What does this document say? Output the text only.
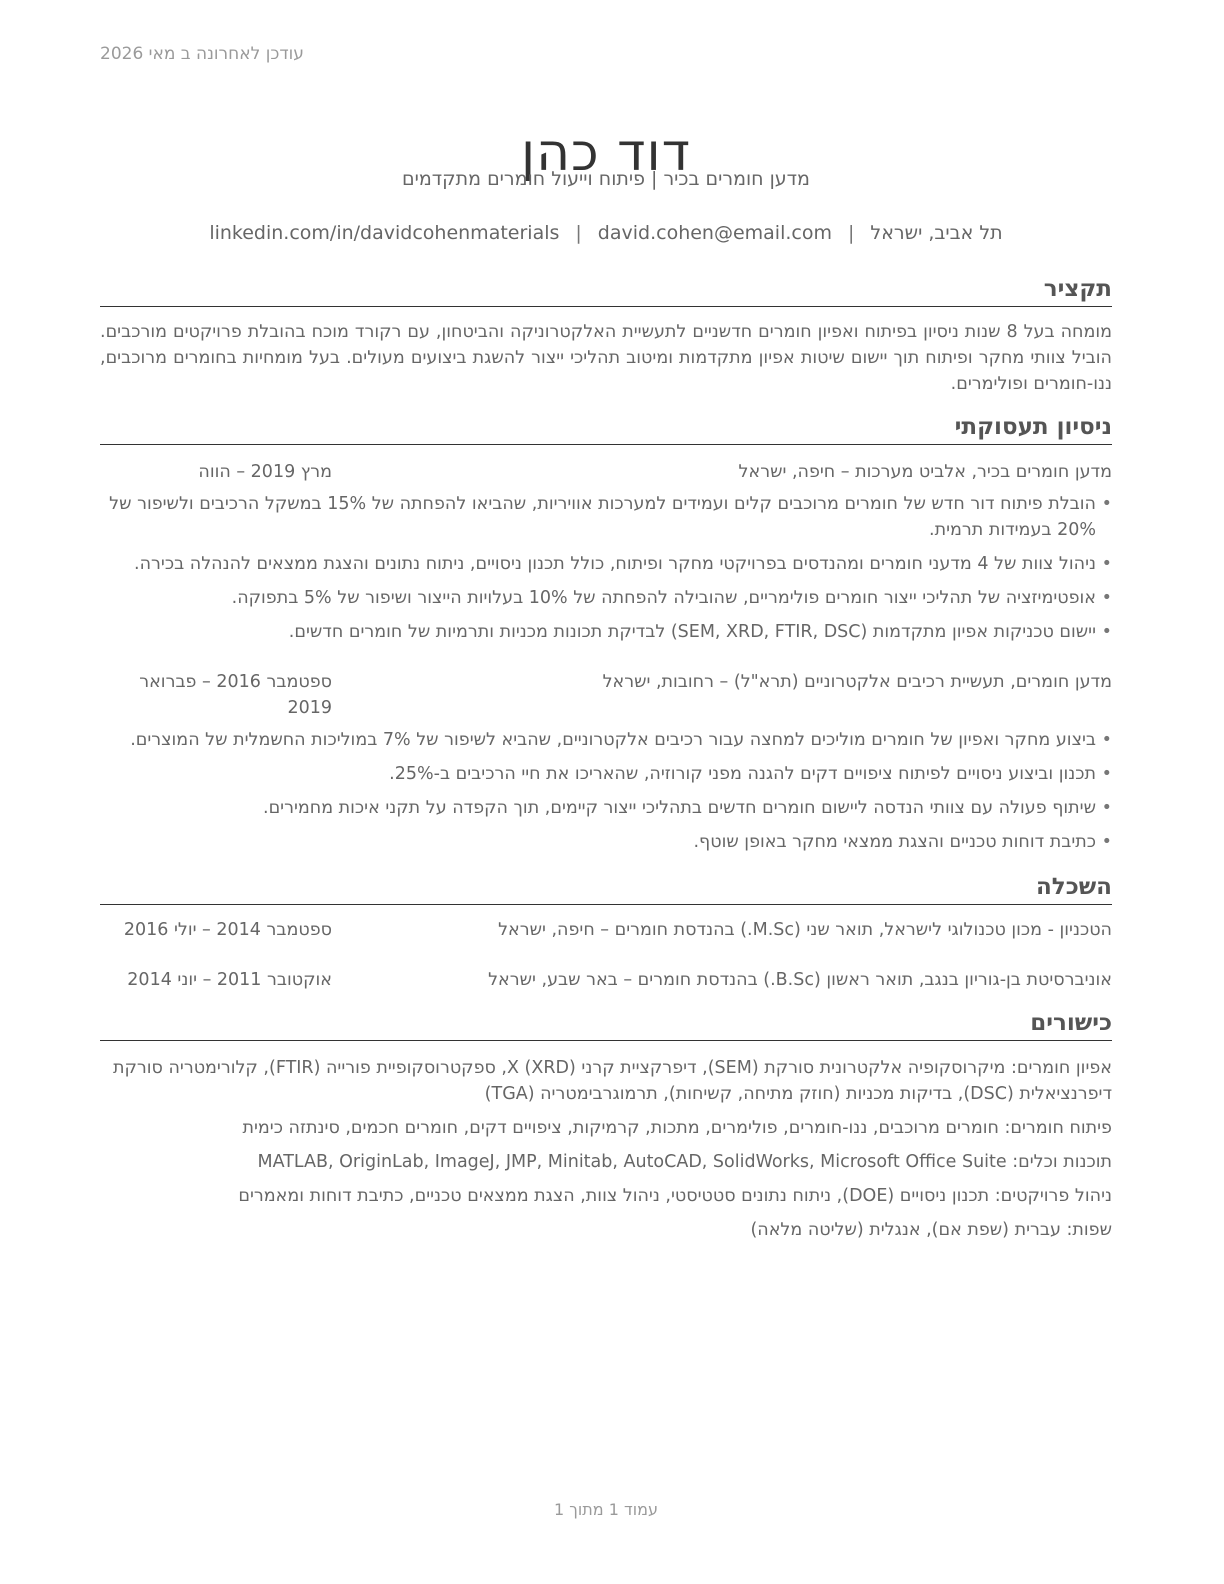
עודכן לאחרונה ב מאי 2026
דוד כהן
מדען חומרים בכיר | פיתוח וייעול חומרים מתקדמים
תל אביב, ישראל|david.cohen@email.com|linkedin.com/in/davidcohenmaterials
תקציר

מומחה בעל 8 שנות ניסיון בפיתוח ואפיון חומרים חדשניים לתעשיית האלקטרוניקה והביטחון, עם רקורד מוכח בהובלת פרויקטים מורכבים. הוביל צוותי מחקר ופיתוח תוך יישום שיטות אפיון מתקדמות ומיטוב תהליכי ייצור להשגת ביצועים מעולים. בעל מומחיות בחומרים מרוכבים, ננו-חומרים ופולימרים.

ניסיון תעסוקתי
מדען חומרים בכיר, אלביט מערכות – חיפה, ישראל
מרץ 2019 – הווה
• הובלת פיתוח דור חדש של חומרים מרוכבים קלים ועמידים למערכות אוויריות, שהביאו להפחתה של 15% במשקל הרכיבים ולשיפור של 20% בעמידות תרמית.
• ניהול צוות של 4 מדעני חומרים ומהנדסים בפרויקטי מחקר ופיתוח, כולל תכנון ניסויים, ניתוח נתונים והצגת ממצאים להנהלה בכירה.
• אופטימיזציה של תהליכי ייצור חומרים פולימריים, שהובילה להפחתה של 10% בעלויות הייצור ושיפור של 5% בתפוקה.
• יישום טכניקות אפיון מתקדמות (SEM, XRD, FTIR, DSC) לבדיקת תכונות מכניות ותרמיות של חומרים חדשים.
מדען חומרים, תעשיית רכיבים אלקטרוניים (תרא"ל) – רחובות, ישראל
ספטמבר 2016 – פברואר 2019
• ביצוע מחקר ואפיון של חומרים מוליכים למחצה עבור רכיבים אלקטרוניים, שהביא לשיפור של 7% במוליכות החשמלית של המוצרים.
• תכנון וביצוע ניסויים לפיתוח ציפויים דקים להגנה מפני קורוזיה, שהאריכו את חיי הרכיבים ב-25%.
• שיתוף פעולה עם צוותי הנדסה ליישום חומרים חדשים בתהליכי ייצור קיימים, תוך הקפדה על תקני איכות מחמירים.
• כתיבת דוחות טכניים והצגת ממצאי מחקר באופן שוטף.
השכלה
הטכניון - מכון טכנולוגי לישראל, תואר שני (M.Sc.) בהנדסת חומרים – חיפה, ישראל
ספטמבר 2014 – יולי 2016
אוניברסיטת בן-גוריון בנגב, תואר ראשון (B.Sc.) בהנדסת חומרים – באר שבע, ישראל
אוקטובר 2011 – יוני 2014
כישורים

אפיון חומרים: מיקרוסקופיה אלקטרונית סורקת (SEM), דיפרקציית קרני X (XRD), ספקטרוסקופיית פורייה (FTIR), קלורימטריה סורקת דיפרנציאלית (DSC), בדיקות מכניות (חוזק מתיחה, קשיחות), תרמוגרבימטריה (TGA)

פיתוח חומרים: חומרים מרוכבים, ננו-חומרים, פולימרים, מתכות, קרמיקות, ציפויים דקים, חומרים חכמים, סינתזה כימית

תוכנות וכלים: MATLAB, OriginLab, ImageJ, JMP, Minitab, AutoCAD, SolidWorks, Microsoft Office Suite

ניהול פרויקטים: תכנון ניסויים (DOE), ניתוח נתונים סטטיסטי, ניהול צוות, הצגת ממצאים טכניים, כתיבת דוחות ומאמרים

שפות: עברית (שפת אם), אנגלית (שליטה מלאה)

עמוד 1 מתוך 1
